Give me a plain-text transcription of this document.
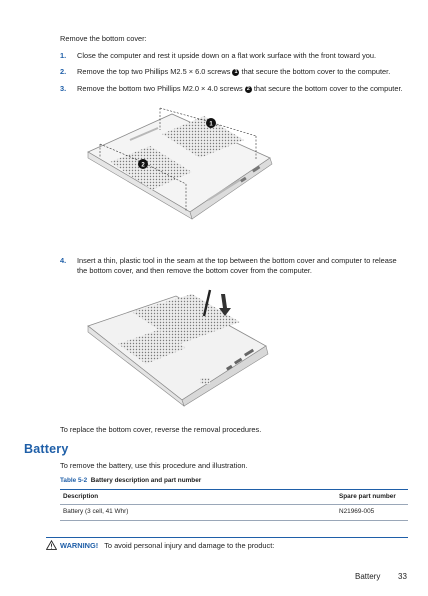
Remove the bottom cover:
1. Close the computer and rest it upside down on a flat work surface with the front toward you.
2. Remove the top two Phillips M2.5 × 6.0 screws 1 that secure the bottom cover to the computer.
3. Remove the bottom two Phillips M2.0 × 4.0 screws 2 that secure the bottom cover to the computer.
1
2
4. Insert a thin, plastic tool in the seam at the top between the bottom cover and computer to release
the bottom cover, and then remove the bottom cover from the computer.
To replace the bottom cover, reverse the removal procedures.
Battery
To remove the battery, use this procedure and illustration.
Table 5-2 Battery description and part number
Description	Spare part number
Battery (3 cell, 41 Whr)	N21969-005
WARNING! To avoid personal injury and damage to the product:
Battery 33
